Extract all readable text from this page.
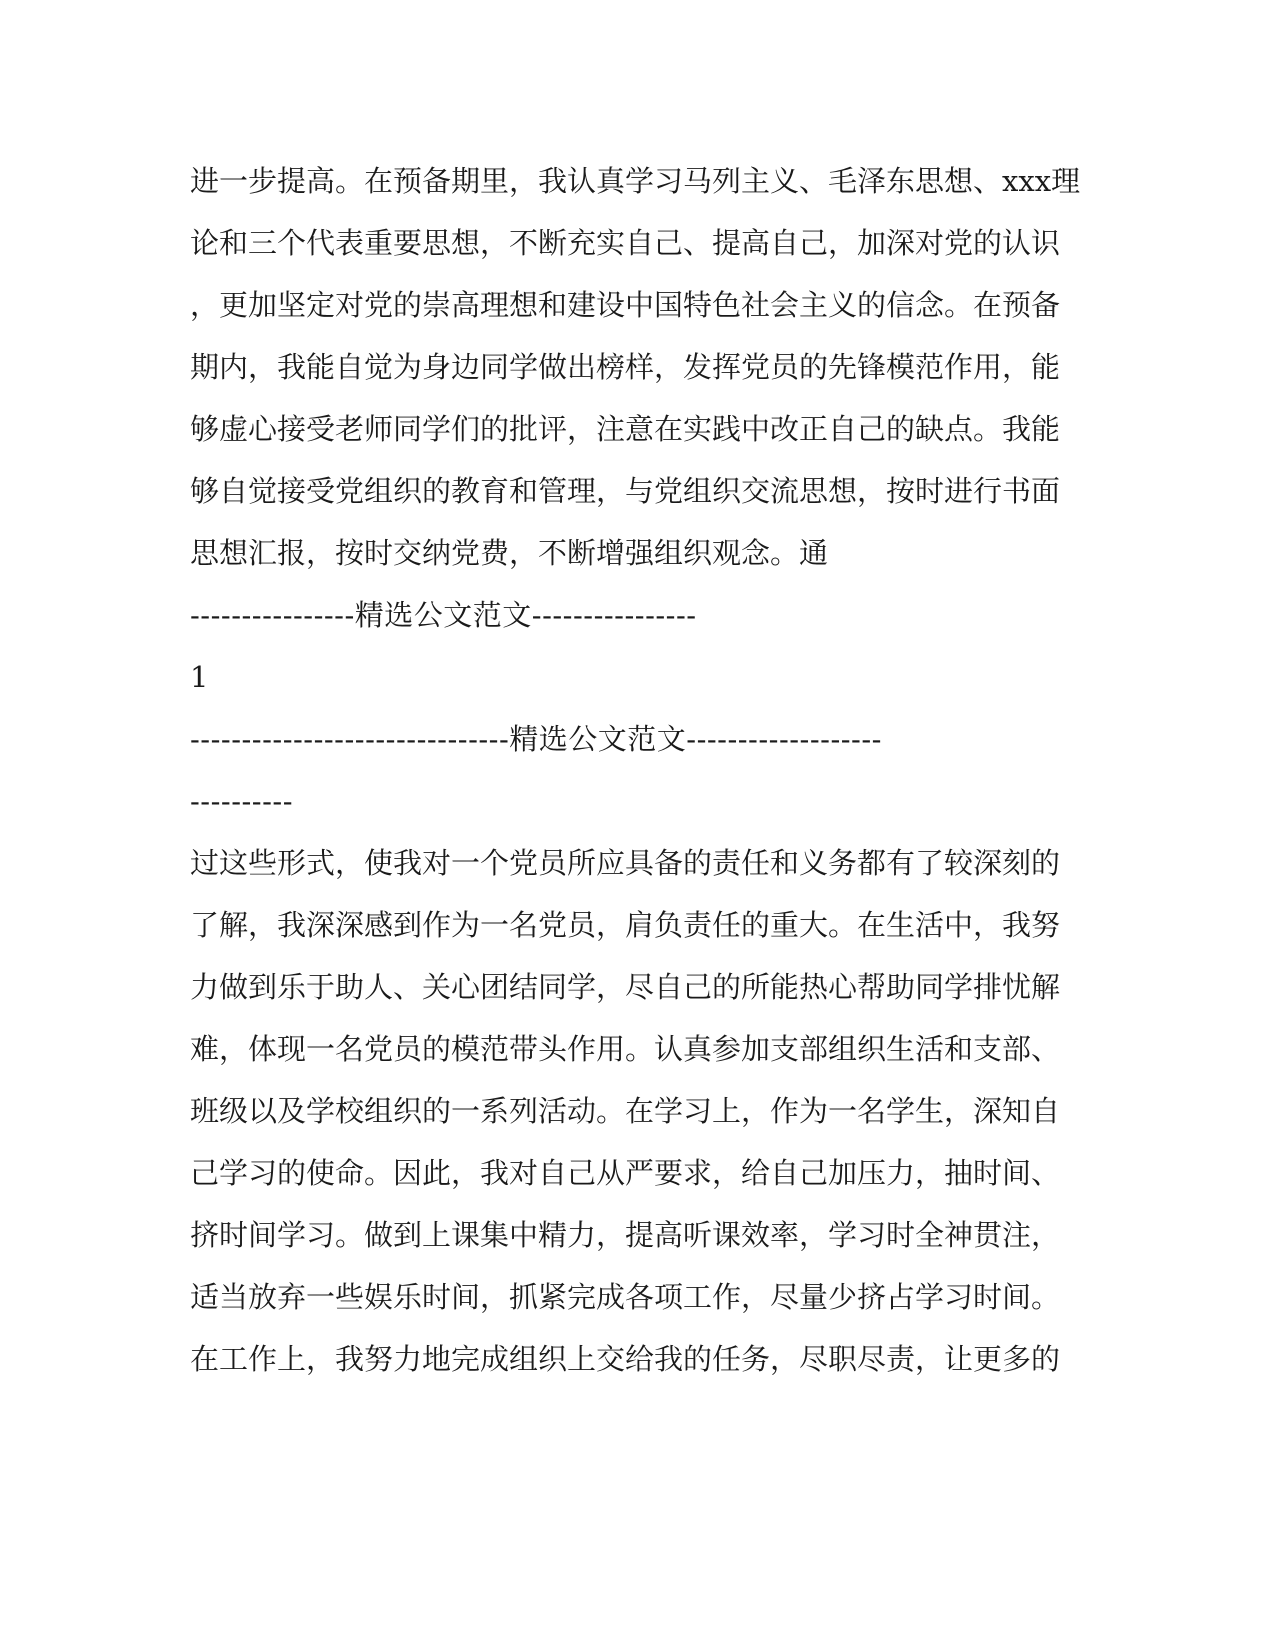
进一步提高。在预备期里，我认真学习马列主义、毛泽东思想、xxx理
论和三个代表重要思想，不断充实自己、提高自己，加深对党的认识
，更加坚定对党的崇高理想和建设中国特色社会主义的信念。在预备
期内，我能自觉为身边同学做出榜样，发挥党员的先锋模范作用，能
够虚心接受老师同学们的批评，注意在实践中改正自己的缺点。我能
够自觉接受党组织的教育和管理，与党组织交流思想，按时进行书面
思想汇报，按时交纳党费，不断增强组织观念。通
----------------精选公文范文----------------
1
-------------------------------精选公文范文-------------------
----------
过这些形式，使我对一个党员所应具备的责任和义务都有了较深刻的
了解，我深深感到作为一名党员，肩负责任的重大。在生活中，我努
力做到乐于助人、关心团结同学，尽自己的所能热心帮助同学排忧解
难，体现一名党员的模范带头作用。认真参加支部组织生活和支部、
班级以及学校组织的一系列活动。在学习上，作为一名学生，深知自
己学习的使命。因此，我对自己从严要求，给自己加压力，抽时间、
挤时间学习。做到上课集中精力，提高听课效率，学习时全神贯注，
适当放弃一些娱乐时间，抓紧完成各项工作，尽量少挤占学习时间。
在工作上，我努力地完成组织上交给我的任务，尽职尽责，让更多的
